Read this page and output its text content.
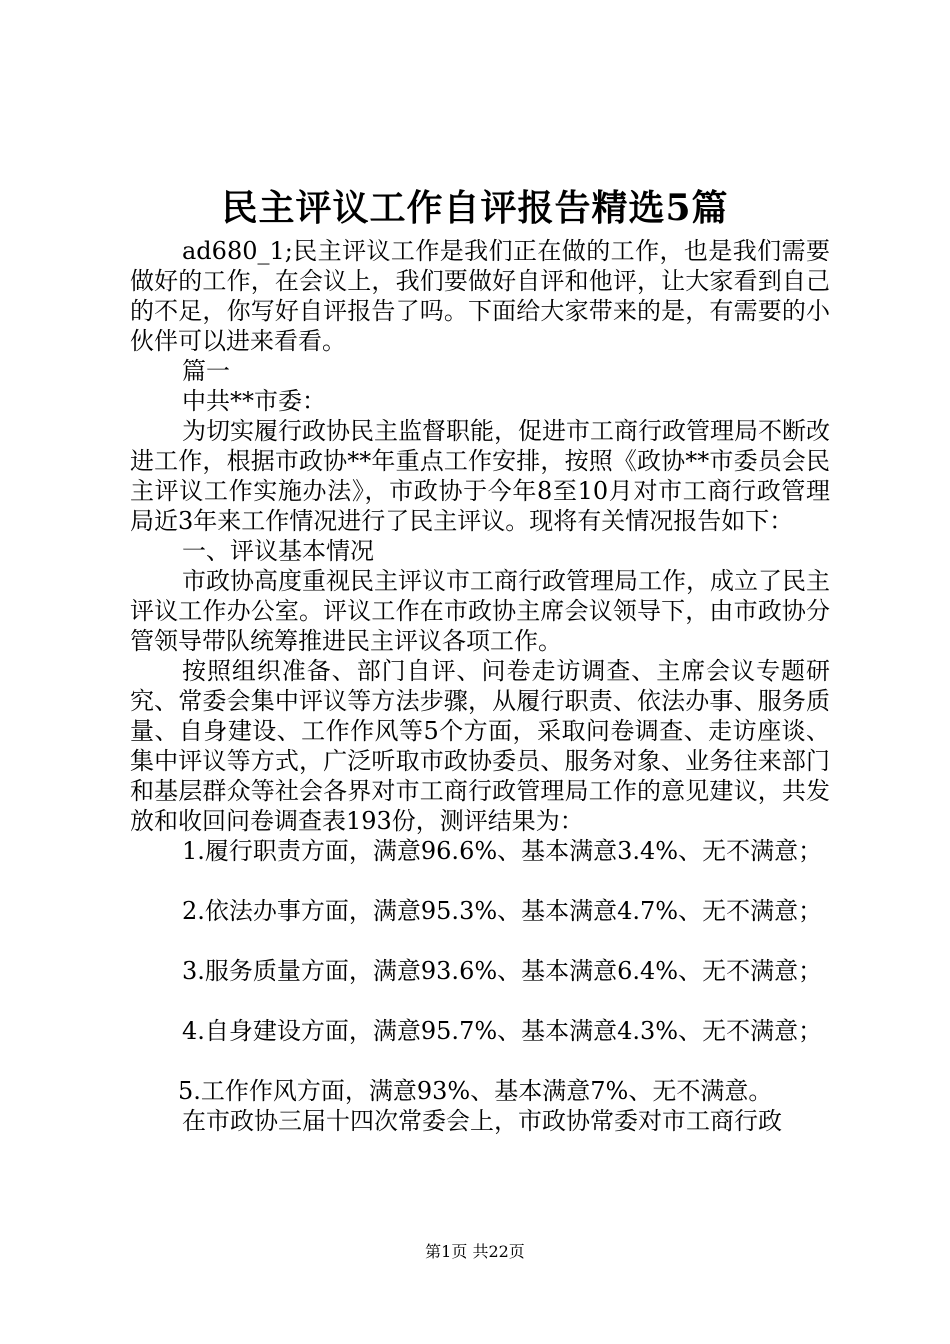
民主评议工作自评报告精选5篇

ad680_1;民主评议工作是我们正在做的工作，也是我们需要做好的工作，在会议上，我们要做好自评和他评，让大家看到自己的不足，你写好自评报告了吗。下面给大家带来的是，有需要的小伙伴可以进来看看。

篇一

中共**市委：

为切实履行政协民主监督职能，促进市工商行政管理局不断改进工作，根据市政协**年重点工作安排，按照《政协**市委员会民主评议工作实施办法》，市政协于今年8至10月对市工商行政管理局近3年来工作情况进行了民主评议。现将有关情况报告如下：

一、评议基本情况

市政协高度重视民主评议市工商行政管理局工作，成立了民主评议工作办公室。评议工作在市政协主席会议领导下，由市政协分管领导带队统筹推进民主评议各项工作。

按照组织准备、部门自评、问卷走访调查、主席会议专题研究、常委会集中评议等方法步骤，从履行职责、依法办事、服务质量、自身建设、工作作风等5个方面，采取问卷调查、走访座谈、集中评议等方式，广泛听取市政协委员、服务对象、业务往来部门和基层群众等社会各界对市工商行政管理局工作的意见建议，共发放和收回问卷调查表193份，测评结果为：

1.履行职责方面，满意96.6%、基本满意3.4%、无不满意；
2.依法办事方面，满意95.3%、基本满意4.7%、无不满意；
3.服务质量方面，满意93.6%、基本满意6.4%、无不满意；
4.自身建设方面，满意95.7%、基本满意4.3%、无不满意；
5.工作作风方面，满意93%、基本满意7%、无不满意。

在市政协三届十四次常委会上，市政协常委对市工商行政

第1页 共22页
